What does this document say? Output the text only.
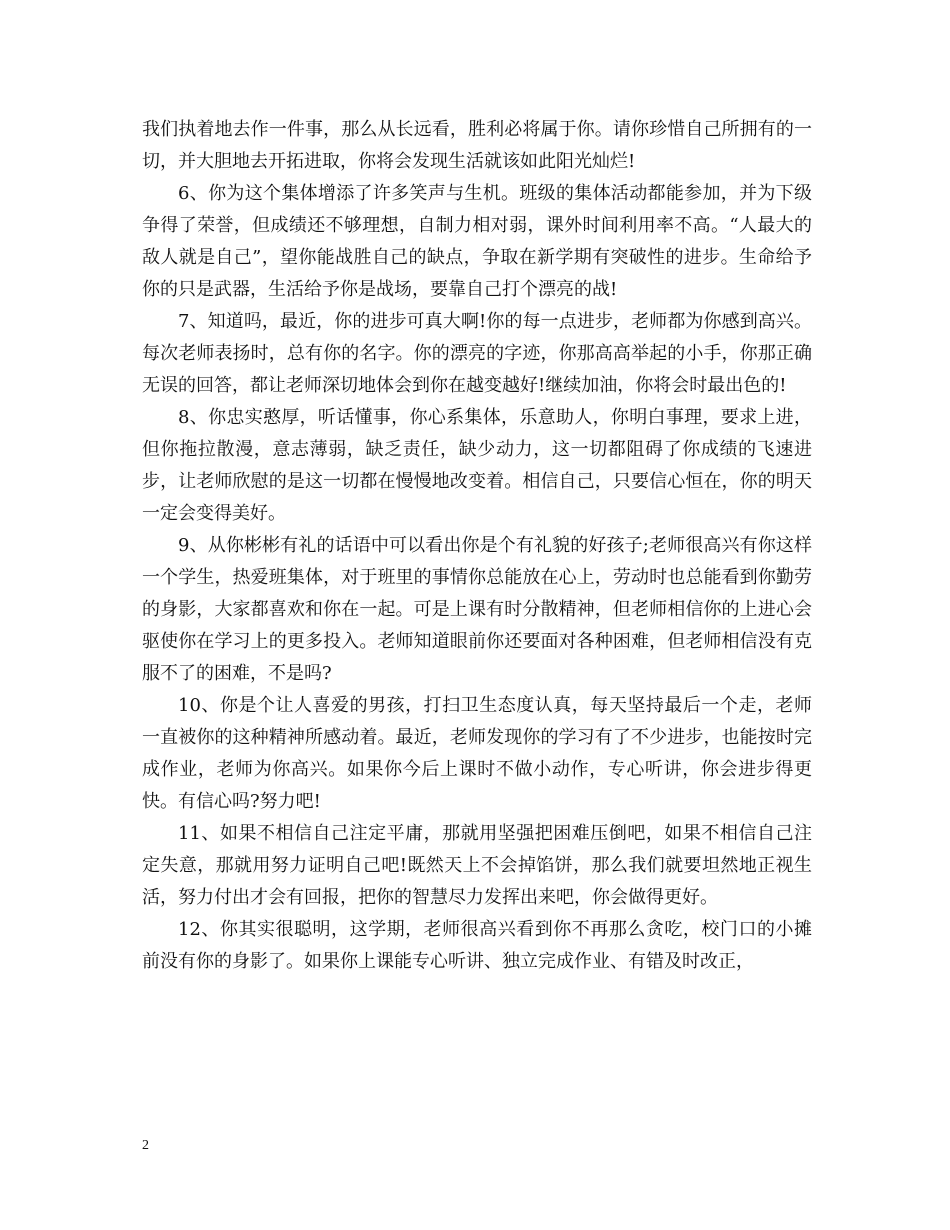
我们执着地去作一件事，那么从长远看，胜利必将属于你。请你珍惜自己所拥有的一切，并大胆地去开拓进取，你将会发现生活就该如此阳光灿烂!

6、你为这个集体增添了许多笑声与生机。班级的集体活动都能参加，并为下级争得了荣誉，但成绩还不够理想，自制力相对弱，课外时间利用率不高。“人最大的敌人就是自己”，望你能战胜自己的缺点，争取在新学期有突破性的进步。生命给予你的只是武器，生活给予你是战场，要靠自己打个漂亮的战!

7、知道吗，最近，你的进步可真大啊!你的每一点进步，老师都为你感到高兴。每次老师表扬时，总有你的名字。你的漂亮的字迹，你那高高举起的小手，你那正确无误的回答，都让老师深切地体会到你在越变越好!继续加油，你将会时最出色的!

8、你忠实憨厚，听话懂事，你心系集体，乐意助人，你明白事理，要求上进，但你拖拉散漫，意志薄弱，缺乏责任，缺少动力，这一切都阻碍了你成绩的飞速进步，让老师欣慰的是这一切都在慢慢地改变着。相信自己，只要信心恒在，你的明天一定会变得美好。

9、从你彬彬有礼的话语中可以看出你是个有礼貌的好孩子;老师很高兴有你这样一个学生，热爱班集体，对于班里的事情你总能放在心上，劳动时也总能看到你勤劳的身影，大家都喜欢和你在一起。可是上课有时分散精神，但老师相信你的上进心会驱使你在学习上的更多投入。老师知道眼前你还要面对各种困难，但老师相信没有克服不了的困难，不是吗?

10、你是个让人喜爱的男孩，打扫卫生态度认真，每天坚持最后一个走，老师一直被你的这种精神所感动着。最近，老师发现你的学习有了不少进步，也能按时完成作业，老师为你高兴。如果你今后上课时不做小动作，专心听讲，你会进步得更快。有信心吗?努力吧!

11、如果不相信自己注定平庸，那就用坚强把困难压倒吧，如果不相信自己注定失意，那就用努力证明自己吧!既然天上不会掉馅饼，那么我们就要坦然地正视生活，努力付出才会有回报，把你的智慧尽力发挥出来吧，你会做得更好。

12、你其实很聪明，这学期，老师很高兴看到你不再那么贪吃，校门口的小摊前没有你的身影了。如果你上课能专心听讲、独立完成作业、有错及时改正，

2
